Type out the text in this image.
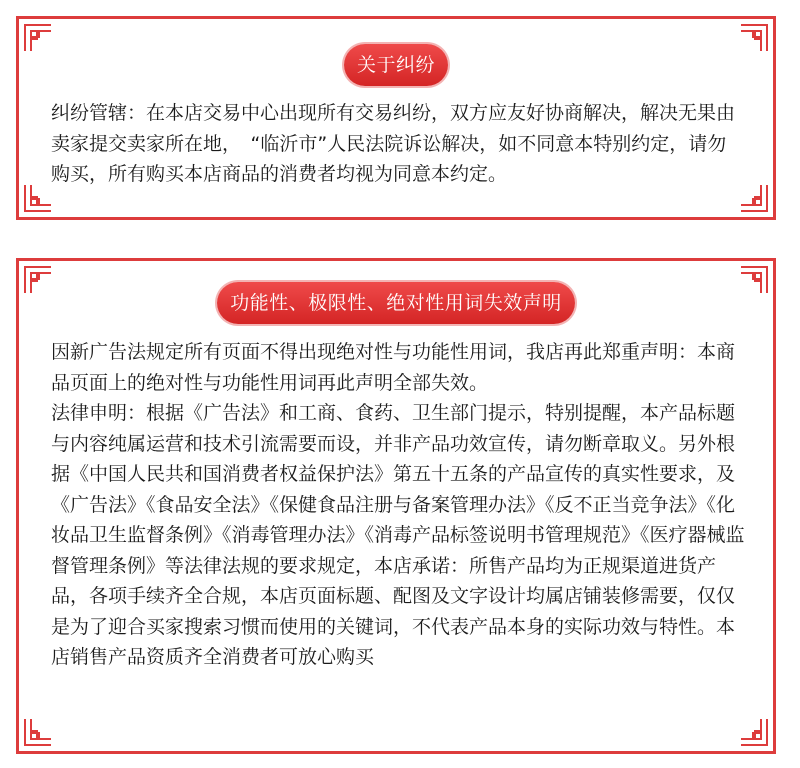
关于纠纷

纠纷管辖：在本店交易中心出现所有交易纠纷，双方应友好协商解决，解决无果由卖家提交卖家所在地，　“临沂市”人民法院诉讼解决，如不同意本特别约定，请勿购买，所有购买本店商品的消费者均视为同意本约定。

功能性、极限性、绝对性用词失效声明

因新广告法规定所有页面不得出现绝对性与功能性用词，我店再此郑重声明：本商品页面上的绝对性与功能性用词再此声明全部失效。

法律申明：根据《广告法》和工商、食药、卫生部门提示，特别提醒，本产品标题与内容纯属运营和技术引流需要而设，并非产品功效宣传，请勿断章取义。另外根据《中国人民共和国消费者权益保护法》第五十五条的产品宣传的真实性要求，及《广告法》《食品安全法》《保健食品注册与备案管理办法》《反不正当竞争法》《化妆品卫生监督条例》《消毒管理办法》《消毒产品标签说明书管理规范》《医疗器械监督管理条例》等法律法规的要求规定，本店承诺：所售产品均为正规渠道进货产品，各项手续齐全合规，本店页面标题、配图及文字设计均属店铺装修需要，仅仅是为了迎合买家搜索习惯而使用的关键词，不代表产品本身的实际功效与特性。本店销售产品资质齐全消费者可放心购买
